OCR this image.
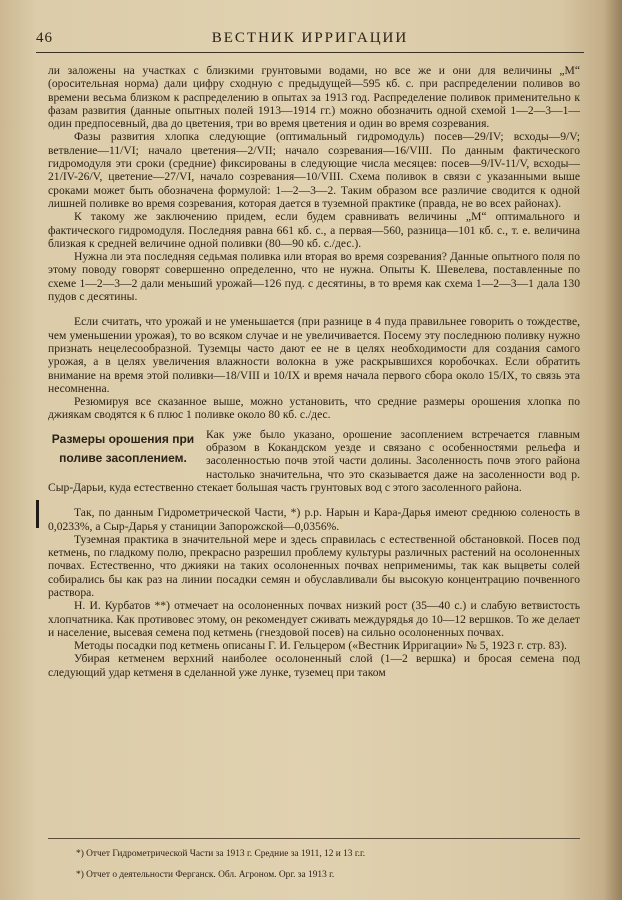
46	ВЕСТНИК ИРРИГАЦИИ

ли заложены на участках с близкими грунтовыми водами, но все же и они для величины „M“ (оросительная норма) дали цифру сходную с предыдущей—595 кб. с. при распределении поливов во времени весьма близком к распределению в опытах за 1913 год. Распределение поливок применительно к фазам развития (данные опытных полей 1913—1914 гг.) можно обозначить одной схемой 1—2—3—1— один предпосевный, два до цветения, три во время цветения и один во время созревания.

Фазы развития хлопка следующие (оптимальный гидромодуль) посев—29/IV; всходы—9/V; ветвление—11/VI; начало цветения—2/VII; начало созревания—16/VIII. По данным фактического гидромодуля эти сроки (средние) фиксированы в следующие числа месяцев: посев—9/IV-11/V, всходы—21/IV-26/V, цветение—27/VI, начало созревания—10/VIII. Схема поливок в связи с указанными выше сроками может быть обозначена формулой: 1—2—3—2. Таким образом все различие сводится к одной лишней поливке во время созревания, которая дается в туземной практике (правда, не во всех районах).

К такому же заключению придем, если будем сравнивать величины „M“ оптимального и фактического гидромодуля. Последняя равна 661 кб. с., а первая—560, разница—101 кб. с., т. е. величина близкая к средней величине одной поливки (80—90 кб. с./дес.).

Нужна ли эта последняя седьмая поливка или вторая во время созревания? Данные опытного поля по этому поводу говорят совершенно определенно, что не нужна. Опыты К. Шевелева, поставленные по схеме 1—2—3—2 дали меньший урожай—126 пуд. с десятины, в то время как схема 1—2—3—1 дала 130 пудов с десятины.

Если считать, что урожай и не уменьшается (при разнице в 4 пуда правильнее говорить о тождестве, чем уменьшении урожая), то во всяком случае и не увеличивается. Посему эту последнюю поливку нужно признать нецелесообразной. Туземцы часто дают ее не в целях необходимости для создания самого урожая, а в целях увеличения влажности волокна в уже раскрывшихся коробочках. Если обратить внимание на время этой поливки—18/VIII и 10/IX и время начала первого сбора около 15/IX, то связь эта несомненна.

Резюмируя все сказанное выше, можно установить, что средние размеры орошения хлопка по джиякам сводятся к 6 плюс 1 поливке около 80 кб. с./дес.

Размеры орошения при поливе засоплением.
Как уже было указано, орошение засоплением встречается главным образом в Кокандском уезде и связано с особенностями рельефа и засоленностью почв этой части долины. Засоленность почв этого района настолько значительна, что это сказывается даже на засоленности вод р. Сыр-Дарьи, куда естественно стекает большая часть грунтовых вод с этого засоленного района.

Так, по данным Гидрометрической Части, *) р.р. Нарын и Кара-Дарья имеют среднюю соленость в 0,0233%, а Сыр-Дарья у станиции Запорожской—0,0356%.

Туземная практика в значительной мере и здесь справилась с естественной обстановкой. Посев под кетмень, по гладкому полю, прекрасно разрешил проблему культуры различных растений на осолоненных почвах. Естественно, что джияки на таких осолоненных почвах неприменимы, так как выцветы солей собирались бы как раз на линии посадки семян и обуславливали бы высокую концентрацию почвенного раствора.

Н. И. Курбатов **) отмечает на осолоненных почвах низкий рост (35—40 с.) и слабую ветвистость хлопчатника. Как противовес этому, он рекомендует сживать междурядья до 10—12 вершков. То же делает и население, высевая семена под кетмень (гнездовой посев) на сильно осолоненных почвах.

Методы посадки под кетмень описаны Г. И. Гельцером («Вестник Ирригации» № 5, 1923 г. стр. 83).

Убирая кетменем верхний наиболее осолоненный слой (1—2 вершка) и бросая семена под следующий удар кетменя в сделанной уже лунке, туземец при таком

*) Отчет Гидрометрической Части за 1913 г. Средние за 1911, 12 и 13 г.г.

*) Отчет о деятельности Ферганск. Обл. Агроном. Орг. за 1913 г.
